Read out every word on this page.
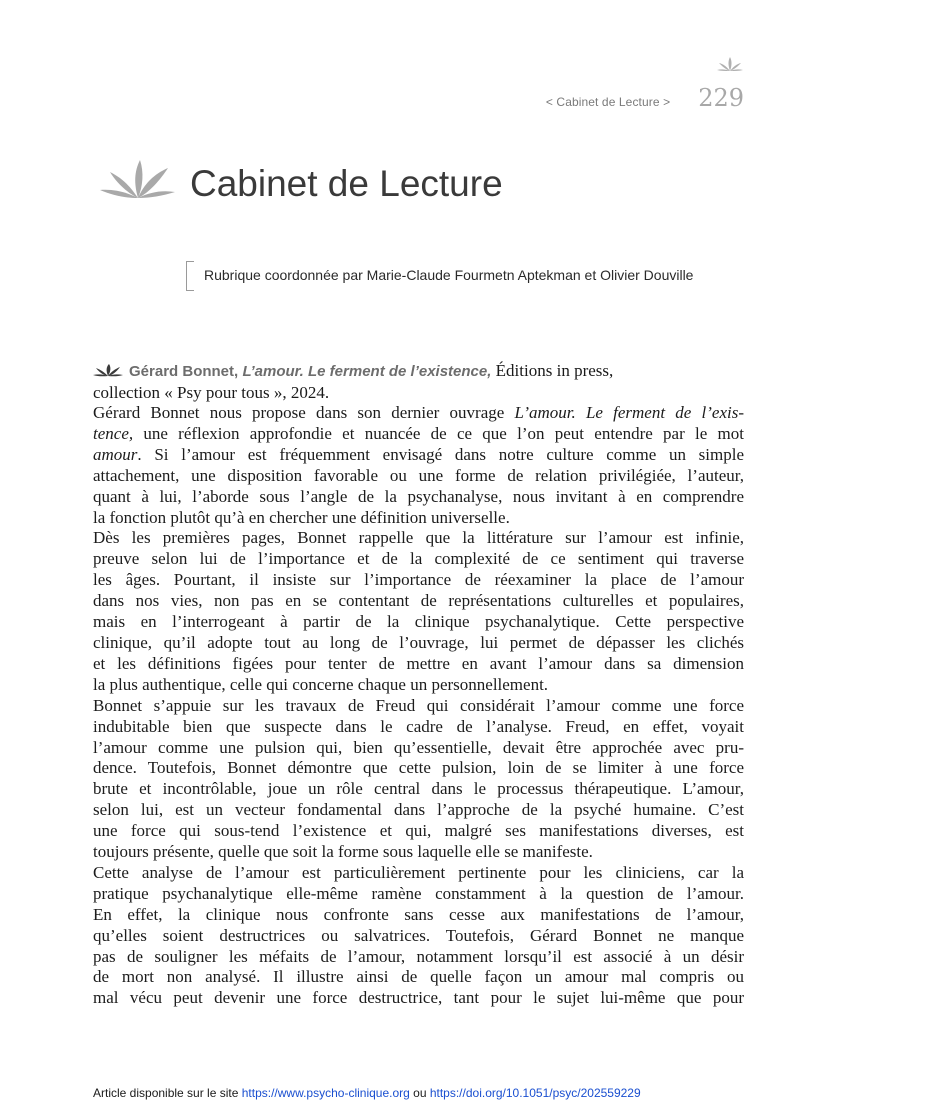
< Cabinet de Lecture > 229
Cabinet de Lecture
Rubrique coordonnée par Marie-Claude Fourmetn Aptekman et Olivier Douville
Gérard Bonnet, L’amour. Le ferment de l’existence, Éditions in press,
collection « Psy pour tous », 2024.
Gérard Bonnet nous propose dans son dernier ouvrage L’amour. Le ferment de l’exis-
tence, une réflexion approfondie et nuancée de ce que l’on peut entendre par le mot
amour. Si l’amour est fréquemment envisagé dans notre culture comme un simple
attachement, une disposition favorable ou une forme de relation privilégiée, l’auteur,
quant à lui, l’aborde sous l’angle de la psychanalyse, nous invitant à en comprendre
la fonction plutôt qu’à en chercher une définition universelle.
Dès les premières pages, Bonnet rappelle que la littérature sur l’amour est infinie,
preuve selon lui de l’importance et de la complexité de ce sentiment qui traverse
les âges. Pourtant, il insiste sur l’importance de réexaminer la place de l’amour
dans nos vies, non pas en se contentant de représentations culturelles et populaires,
mais en l’interrogeant à partir de la clinique psychanalytique. Cette perspective
clinique, qu’il adopte tout au long de l’ouvrage, lui permet de dépasser les clichés
et les définitions figées pour tenter de mettre en avant l’amour dans sa dimension
la plus authentique, celle qui concerne chaque un personnellement.
Bonnet s’appuie sur les travaux de Freud qui considérait l’amour comme une force
indubitable bien que suspecte dans le cadre de l’analyse. Freud, en effet, voyait
l’amour comme une pulsion qui, bien qu’essentielle, devait être approchée avec pru-
dence. Toutefois, Bonnet démontre que cette pulsion, loin de se limiter à une force
brute et incontrôlable, joue un rôle central dans le processus thérapeutique. L’amour,
selon lui, est un vecteur fondamental dans l’approche de la psyché humaine. C’est
une force qui sous-tend l’existence et qui, malgré ses manifestations diverses, est
toujours présente, quelle que soit la forme sous laquelle elle se manifeste.
Cette analyse de l’amour est particulièrement pertinente pour les cliniciens, car la
pratique psychanalytique elle-même ramène constamment à la question de l’amour.
En effet, la clinique nous confronte sans cesse aux manifestations de l’amour,
qu’elles soient destructrices ou salvatrices. Toutefois, Gérard Bonnet ne manque
pas de souligner les méfaits de l’amour, notamment lorsqu’il est associé à un désir
de mort non analysé. Il illustre ainsi de quelle façon un amour mal compris ou
mal vécu peut devenir une force destructrice, tant pour le sujet lui-même que pour
Article disponible sur le site https://www.psycho-clinique.org ou https://doi.org/10.1051/psyc/202559229
